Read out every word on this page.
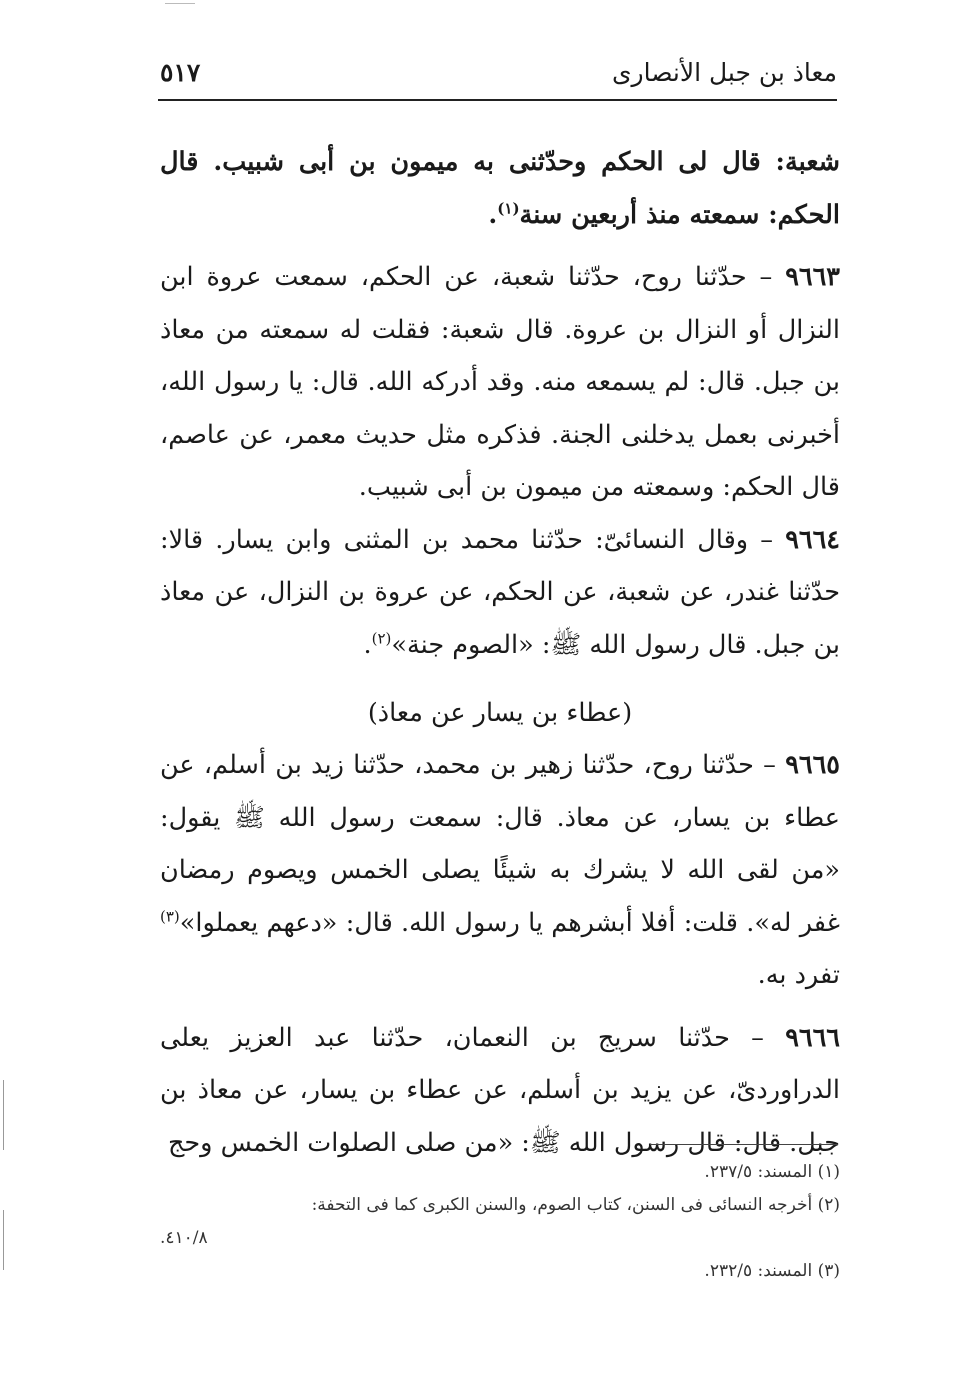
معاذ بن جبل الأنصارى
٥١٧

شعبة: قال لى الحكم وحدّثنى به ميمون بن أبى شبيب. قال الحكم: سمعته منذ أربعين سنة$^{(١)}$.

٩٦٦٣ – حدّثنا روح، حدّثنا شعبة، عن الحكم، سمعت عروة ابن النزال أو النزال بن عروة. قال شعبة: فقلت له سمعته من معاذ بن جبل. قال: لم يسمعه منه. وقد أدركه الله. قال: يا رسول الله، أخبرنى بعمل يدخلنى الجنة. فذكره مثل حديث معمر، عن عاصم، قال الحكم: وسمعته من ميمون بن أبى شبيب.

٩٦٦٤ – وقال النسائىّ: حدّثنا محمد بن المثنى وابن يسار. قالا: حدّثنا غندر، عن شعبة، عن الحكم، عن عروة بن النزال، عن معاذ بن جبل. قال رسول الله ﷺ: «الصوم جنة»$^{(٢)}$.

(عطاء بن يسار عن معاذ)

٩٦٦٥ – حدّثنا روح، حدّثنا زهير بن محمد، حدّثنا زيد بن أسلم، عن عطاء بن يسار، عن معاذ. قال: سمعت رسول الله ﷺ يقول: «من لقى الله لا يشرك به شيئًا يصلى الخمس ويصوم رمضان غفر له». قلت: أفلا أبشرهم يا رسول الله. قال: «دعهم يعملوا»$^{(٣)}$ تفرد به.

٩٦٦٦ – حدّثنا سريج بن النعمان، حدّثنا عبد العزيز يعلى الدراوردىّ، عن يزيد بن أسلم، عن عطاء بن يسار، عن معاذ بن جبل. قال: قال رسول الله ﷺ: «من صلى الصلوات الخمس وحج

(١) المسند: ٢٣٧/٥.

(٢) أخرجه النسائى فى السنن، كتاب الصوم، والسنن الكبرى كما فى التحفة:

٤١٠/٨.

(٣) المسند: ٢٣٢/٥.
